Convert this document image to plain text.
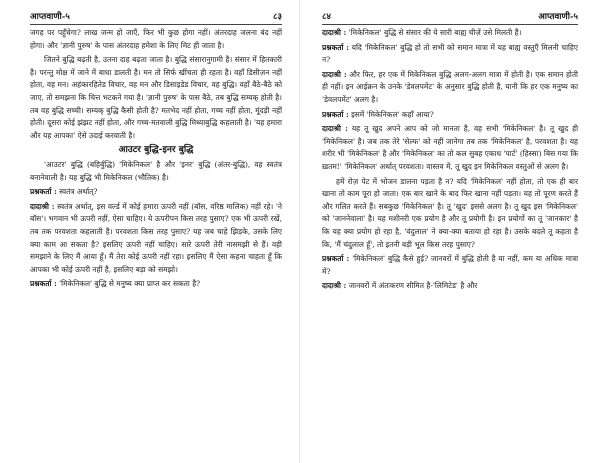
आप्तवाणी-५	८३

जगह पर पहुँचेगा? लाख जन्म हो जाएँ, फिर भी कुछ होगा नहीं। अंतरदाह जलना बंद नहीं होगा। और 'ज्ञानी पुरुष' के पास अंतरदाह हमेशा के लिए मिट ही जाता है।

जितने बुद्धि बढ़ती है, उतना दाह बढ़ता जाता है। बुद्धि संसारानुगामी है। संसार में हितकारी है। परन्तु मोक्ष में जाने में बाधा डालती है। मन तो सिर्फ खींचता ही रहता है। वहाँ डिसीज़न नहीं होता, वह मन। अहंकारहितेड विचार, वह मन और डिसाइडेड विचार, वह बुद्धि। वहाँ बैठे-बैठे को जाए, तो समझना कि चित्त भटकने गया है। 'ज्ञानी पुरुष' के पास बैठे, तब बुद्धि सम्यक् होती है। तब वह बुद्धि सच्ची। सम्यक् बुद्धि कैसी होती है? मतभेद नहीं होता, गच्च नहीं होता, मूंदड़ी नहीं होती। दूसरा कोई झंझट नहीं होता, और गच्च-मतवाली बुद्धि मिथ्याबुद्धि कहलाती है। 'यह हमारा और यह आपका' ऐसे उदाई करवाती है।

आउटर बुद्धि-इनर बुद्धि

'आउटर' बुद्धि (बहिर्बुद्धि) 'मिकेनिकल' है और 'इनर' बुद्धि (अंतर-बुद्धि), वह स्वतंत्र बनानेवाली है। यह बुद्धि भी मिकेनिकल (भौतिक) है।

प्रश्नकर्ता : स्वतंत्र अर्थात्?

दादाश्री : स्वतंत्र अर्थात्, इस वर्ल्ड में कोई हमारा ऊपरी नहीं (बॉस, वरिष्ठ मालिक) नहीं रहे। 'ने बॉस'। भगवान भी ऊपरी नहीं, ऐसा चाहिए। ये ऊपरीपन किस तरह पुसाए? एक भी ऊपरी रखें, तब तक परवशता कहलाती है। परवशता किस तरह पुसाए? यह जब चाहे झिड़के, उसके लिए क्या काम आ सकता है? इसलिए ऊपरी नहीं चाहिए। सारे ऊपरी तेरी नासमझी से हैं। वही समझाने के लिए मैं आया हूँ। मैं तेरा कोई ऊपरी नहीं रहा। इसलिए मैं ऐसा कहना चाहता हूँ कि आपका भी कोई ऊपरी नहीं है, इसलिए बड़ा को समझो।

प्रश्नकर्ता : 'मिकेनिकल' बुद्धि से मनुष्य क्या प्राप्त कर सकता है?

८४	आप्तवाणी-५

दादाश्री : 'मिकेनिकल' बुद्धि से संसार की ये सारी बाह्य चीज़ें उसे मिलती हैं।

प्रश्नकर्ता : यदि 'मिकेनिकल' बुद्धि हो तो सभी को समान मात्रा में यह बाह्य वस्तुएँ मिलनी चाहिए न?

दादाश्री : और फिर, हर एक में मिकेनिकल बुद्धि अलग-अलग मात्रा में होती है। एक समान होती ही नहीं। इन आईक्रन के उनके 'डेवलपमेंट' के अनुसार बुद्धि होती है, यानी कि हर एक मनुष्य का 'डेवलपमेंट' अलग है।

प्रश्नकर्ता : इसमें 'मिकेनिकल' कहाँ आया?

दादाश्री : यह तू खुद अपने आप को जो मानता है, वह सभी 'मिकेनिकल' है। तू खुद ही 'मिकेनिकल' है। जब तक तेरे 'सेल्फ' को नहीं जानेगा तब तक 'मिकेनिकल' है, परवशता है। यह शरीर भी 'मिकेनिकल' है और 'मिकेनिकल' का तो कल सुबह एकाध 'पार्ट' (हिस्सा) बिस गया कि ख़तम!' 'मिकेनिकल' अर्थात् परवशता। वास्तव में, तू खुद इन मिकेनिकल वस्तुओं से अलग है।

हमें रोज़ पेट में भोजन डालना पड़ता है न? यदि 'मिकेनिकल' नहीं होता, तो एक ही बार खाना तो काम पूरा हो जाता। एक बार खाने के बाद फिर खाना नहीं पड़ता। यह तो पूरण करते हैं और गलित करते हैं। सबकुछ 'मिकेनिकल' है। तू 'खुद' इससे अलग है। तू खुद इस 'मिकेनिकल' को 'जाननेवाला' है। यह मशीनरी एक प्रयोग है और तू प्रयोगी है। इन प्रयोगों का तू 'जानकार' है कि यह क्या प्रयोग हो रहा है, 'वंदुलाल' ने क्या-क्या बताया हो रहा है। उसके बदले तू कहता है कि, 'मैं चंदुलाल हूँ', तो इतनी बड़ी भूल किस तरह पुसाए?

प्रश्नकर्ता : 'मिकेनिकल' बुद्धि कैसे हुई? जानवरों में बुद्धि होती है या नहीं, कम या अधिक मात्रा में?

दादाश्री : जानवरों में अंतःकरण सीमित है-'लिमिटेड' है और
